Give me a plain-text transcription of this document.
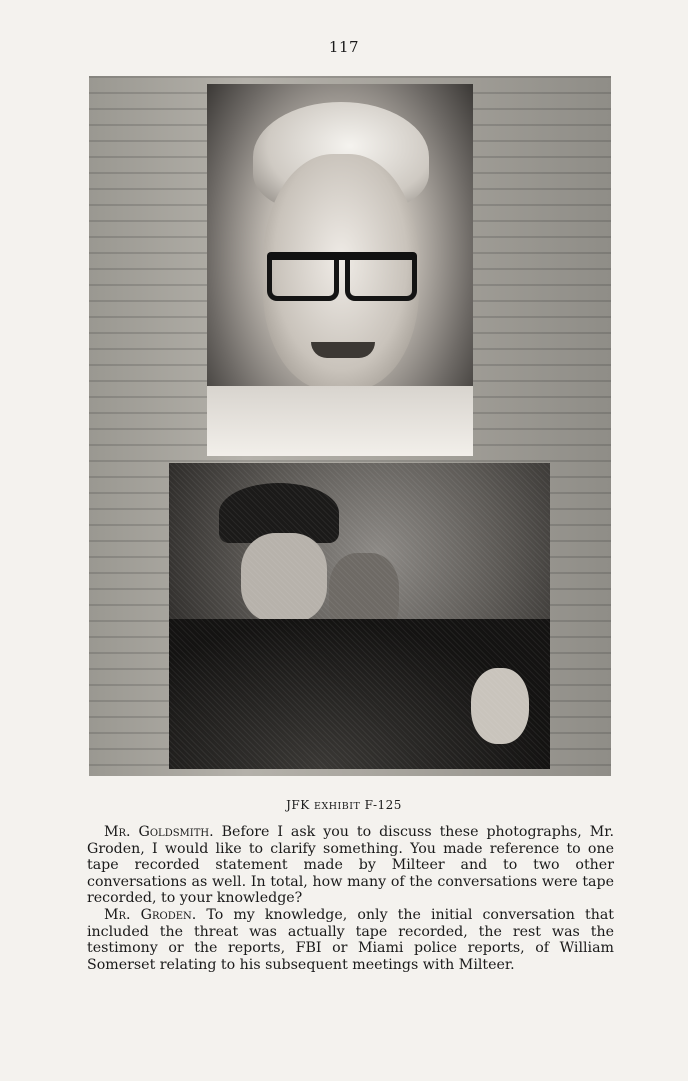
117
JFK EXHIBIT F-125

Mr. Goldsmith. Before I ask you to discuss these photographs, Mr. Groden, I would like to clarify something. You made reference to one tape recorded statement made by Milteer and to two other conversations as well. In total, how many of the conversations were tape recorded, to your knowledge?

Mr. Groden. To my knowledge, only the initial conversation that included the threat was actually tape recorded, the rest was the testimony or the reports, FBI or Miami police reports, of William Somerset relating to his subsequent meetings with Milteer.
